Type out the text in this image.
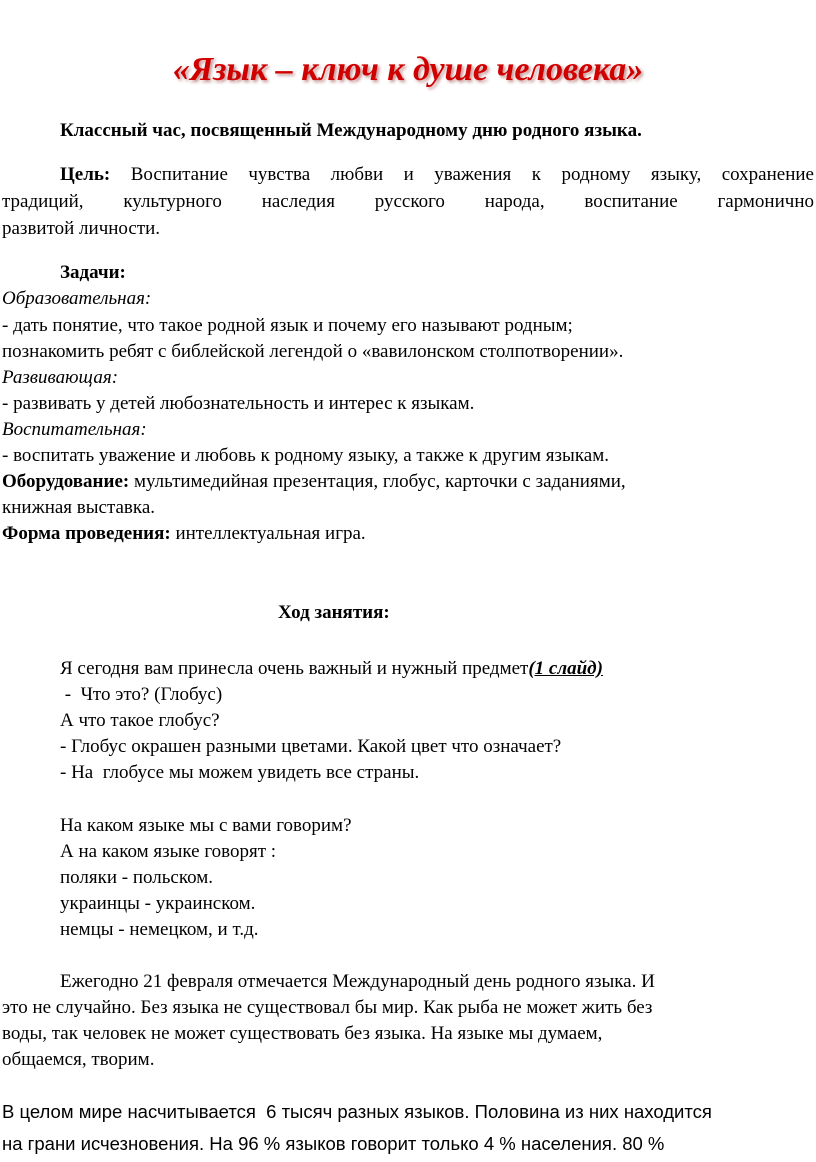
«Язык – ключ к душе человека»
Классный час, посвященный Международному дню родного языка.
Цель: Воспитание чувства любви и уважения к родному языку, сохранение
традиций, культурного наследия русского народа, воспитание гармонично
развитой личности.
Задачи:
Образовательная:
- дать понятие, что такое родной язык и почему его называют родным;
познакомить ребят с библейской легендой о «вавилонском столпотворении».
Развивающая:
- развивать у детей любознательность и интерес к языкам.
Воспитательная:
- воспитать уважение и любовь к родному языку, а также к другим языкам.
Оборудование: мультимедийная презентация, глобус, карточки с заданиями,
книжная выставка.
Форма проведения: интеллектуальная игра.
Ход занятия:
Я сегодня вам принесла очень важный и нужный предмет(1 слайд)
-  Что это? (Глобус)
А что такое глобус?
- Глобус окрашен разными цветами. Какой цвет что означает?
- На  глобусе мы можем увидеть все страны.
На каком языке мы с вами говорим?
А на каком языке говорят :
поляки - польском.
украинцы - украинском.
немцы - немецком, и т.д.
Ежегодно 21 февраля отмечается Международный день родного языка. И
это не случайно. Без языка не существовал бы мир. Как рыба не может жить без
воды, так человек не может существовать без языка. На языке мы думаем,
общаемся, творим.
В целом мире насчитывается  6 тысяч разных языков. Половина из них находится
на грани исчезновения. На 96 % языков говорит только 4 % населения. 80 %
